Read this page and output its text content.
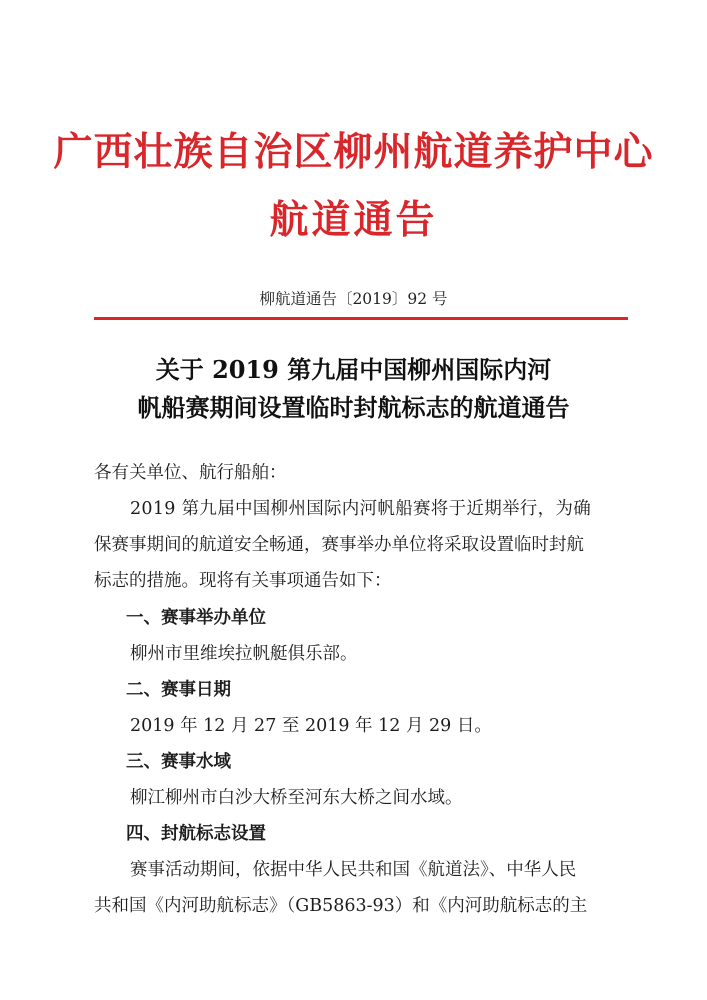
广西壮族自治区柳州航道养护中心
航道通告
柳航道通告〔2019〕92 号
关于 2019 第九届中国柳州国际内河
帆船赛期间设置临时封航标志的航道通告
各有关单位、航行船舶：
2019 第九届中国柳州国际内河帆船赛将于近期举行，为确
保赛事期间的航道安全畅通，赛事举办单位将采取设置临时封航
标志的措施。现将有关事项通告如下：
一、赛事举办单位
柳州市里维埃拉帆艇俱乐部。
二、赛事日期
2019 年 12 月 27 至 2019 年 12 月 29 日。
三、赛事水域
柳江柳州市白沙大桥至河东大桥之间水域。
四、封航标志设置
赛事活动期间，依据中华人民共和国《航道法》、中华人民
共和国《内河助航标志》（GB5863-93）和《内河助航标志的主
